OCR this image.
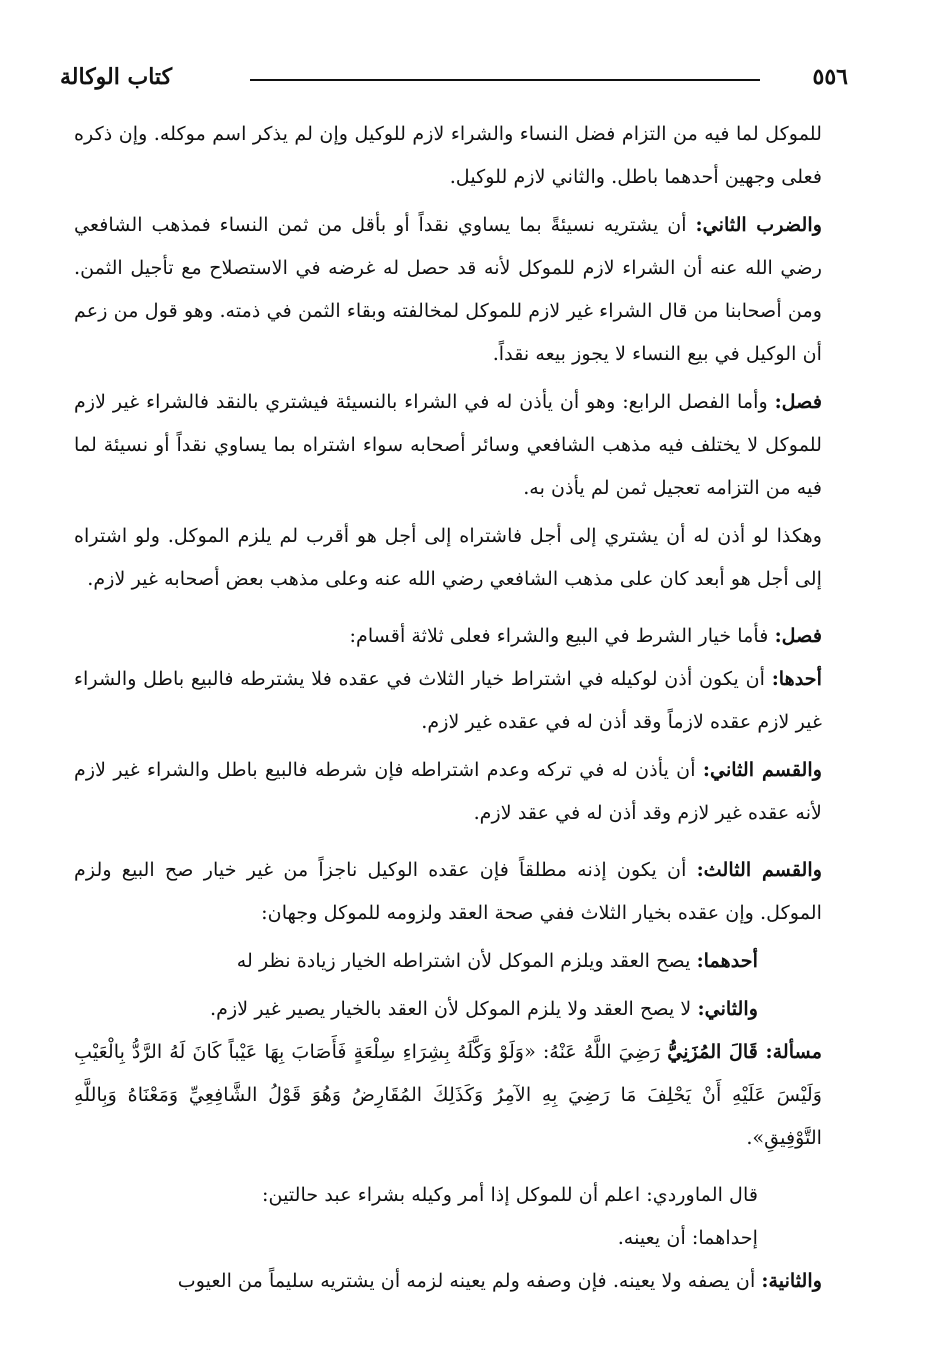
٥٥٦
كتاب الوكالة

للموكل لما فيه من التزام فضل النساء والشراء لازم للوكيل وإن لم يذكر اسم موكله. وإن ذكره فعلى وجهين أحدهما باطل. والثاني لازم للوكيل.

والضرب الثاني: أن يشتريه نسيئةً بما يساوي نقداً أو بأقل من ثمن النساء فمذهب الشافعي رضي الله عنه أن الشراء لازم للموكل لأنه قد حصل له غرضه في الاستصلاح مع تأجيل الثمن. ومن أصحابنا من قال الشراء غير لازم للموكل لمخالفته وبقاء الثمن في ذمته. وهو قول من زعم أن الوكيل في بيع النساء لا يجوز بيعه نقداً.

فصل: وأما الفصل الرابع: وهو أن يأذن له في الشراء بالنسيئة فيشتري بالنقد فالشراء غير لازم للموكل لا يختلف فيه مذهب الشافعي وسائر أصحابه سواء اشتراه بما يساوي نقداً أو نسيئة لما فيه من التزامه تعجيل ثمن لم يأذن به.

وهكذا لو أذن له أن يشتري إلى أجل فاشتراه إلى أجل هو أقرب لم يلزم الموكل. ولو اشتراه إلى أجل هو أبعد كان على مذهب الشافعي رضي الله عنه وعلى مذهب بعض أصحابه غير لازم.

فصل: فأما خيار الشرط في البيع والشراء فعلى ثلاثة أقسام:

أحدها: أن يكون أذن لوكيله في اشتراط خيار الثلاث في عقده فلا يشترطه فالبيع باطل والشراء غير لازم عقده لازماً وقد أذن له في عقده غير لازم.

والقسم الثاني: أن يأذن له في تركه وعدم اشتراطه فإن شرطه فالبيع باطل والشراء غير لازم لأنه عقده غير لازم وقد أذن له في عقد لازم.

والقسم الثالث: أن يكون إذنه مطلقاً فإن عقده الوكيل ناجزاً من غير خيار صح البيع ولزم الموكل. وإن عقده بخيار الثلاث ففي صحة العقد ولزومه للموكل وجهان:

أحدهما: يصح العقد ويلزم الموكل لأن اشتراطه الخيار زيادة نظر له

والثاني: لا يصح العقد ولا يلزم الموكل لأن العقد بالخيار يصير غير لازم.

مسألة: قَالَ المُزَنِيُّ رَضِيَ اللَّهُ عَنْهُ: «وَلَوْ وَكَّلَهُ بِشِرَاءِ سِلْعَةٍ فَأَصَابَ بِهَا عَيْباً كَانَ لَهُ الرَّدُّ بِالْعَيْبِ وَلَيْسَ عَلَيْهِ أَنْ يَحْلِفَ مَا رَضِيَ بِهِ الآمِرُ وَكَذَلِكَ المُقَارِضُ وَهُوَ قَوْلُ الشَّافِعِيِّ وَمَعْنَاهُ وَبِاللَّهِ التَّوْفِيقِ».

قال الماوردي: اعلم أن للموكل إذا أمر وكيله بشراء عبد حالتين:

إحداهما: أن يعينه.

والثانية: أن يصفه ولا يعينه. فإن وصفه ولم يعينه لزمه أن يشتريه سليماً من العيوب
